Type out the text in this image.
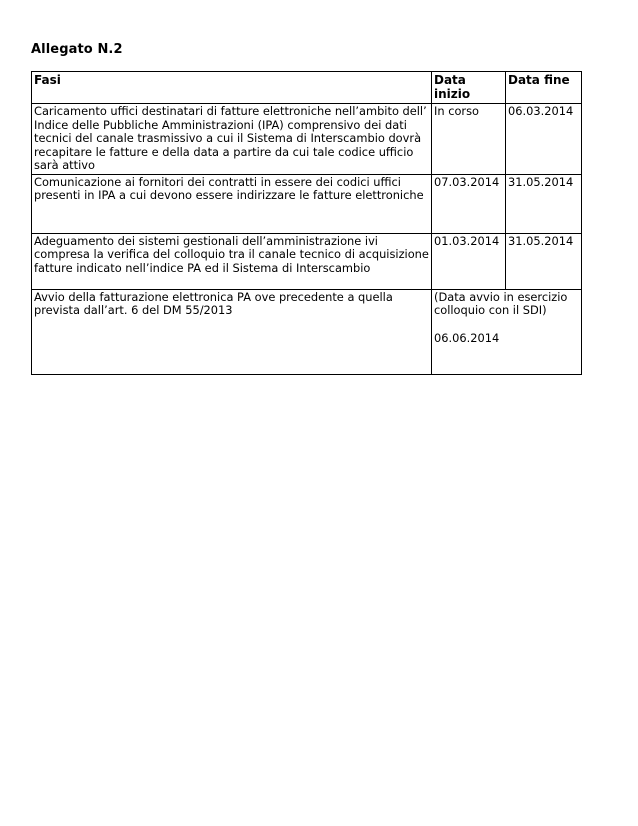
Allegato N.2
Fasi	Data inizio	Data fine
Caricamento uffici destinatari di fatture elettroniche nell’ambito dell’ Indice delle Pubbliche Amministrazioni (IPA) comprensivo dei dati tecnici del canale trasmissivo a cui il Sistema di Interscambio dovrà recapitare le fatture e della data a partire da cui tale codice ufficio sarà attivo	In corso	06.03.2014
Comunicazione ai fornitori dei contratti in essere dei codici uffici presenti in IPA a cui devono essere indirizzare le fatture elettroniche	07.03.2014	31.05.2014
Adeguamento dei sistemi gestionali dell’amministrazione ivi compresa la verifica del colloquio tra il canale tecnico di acquisizione fatture indicato nell’indice PA ed il Sistema di Interscambio	01.03.2014	31.05.2014
Avvio della fatturazione elettronica PA ove precedente a quella prevista dall’art. 6 del DM 55/2013	(Data avvio in esercizio colloquio con il SDI)
06.06.2014	
